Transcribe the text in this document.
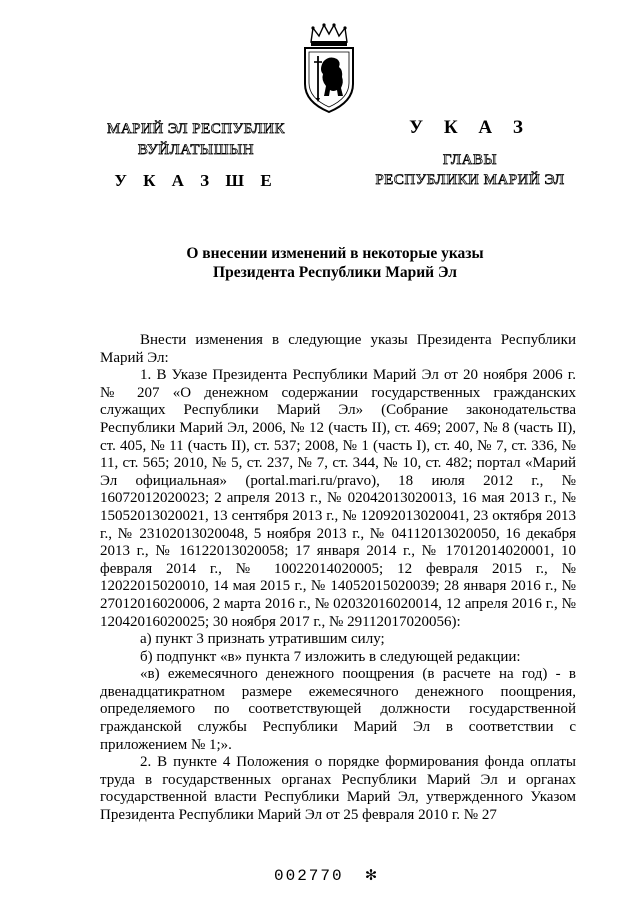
МАРИЙ ЭЛ РЕСПУБЛИК
ВУЙЛАТЫШЫН
У К А З Ш Е
У К А З
ГЛАВЫ
РЕСПУБЛИКИ МАРИЙ ЭЛ
О внесении изменений в некоторые указы
Президента Республики Марий Эл

Внести изменения в следующие указы Президента Республики Марий Эл:

1. В Указе Президента Республики Марий Эл от 20 ноября 2006 г. № 207 «О денежном содержании государственных гражданских служащих Республики Марий Эл» (Собрание законодательства Республики Марий Эл, 2006, № 12 (часть II), ст. 469; 2007, № 8 (часть II), ст. 405, № 11 (часть II), ст. 537; 2008, № 1 (часть I), ст. 40, № 7, ст. 336, № 11, ст. 565; 2010, № 5, ст. 237, № 7, ст. 344, № 10, ст. 482; портал «Марий Эл официальная» (portal.mari.ru/pravo), 18 июля 2012 г., № 16072012020023; 2 апреля 2013 г., № 02042013020013, 16 мая 2013 г., № 15052013020021, 13 сентября 2013 г., № 12092013020041, 23 октября 2013 г., № 23102013020048, 5 ноября 2013 г., № 04112013020050, 16 декабря 2013 г., № 16122013020058; 17 января 2014 г., № 17012014020001, 10 февраля 2014 г., № 10022014020005; 12 февраля 2015 г., № 12022015020010, 14 мая 2015 г., № 14052015020039; 28 января 2016 г., № 27012016020006, 2 марта 2016 г., № 02032016020014, 12 апреля 2016 г., № 12042016020025; 30 ноября 2017 г., № 29112017020056):

а) пункт 3 признать утратившим силу;

б) подпункт «в» пункта 7 изложить в следующей редакции:

«в) ежемесячного денежного поощрения (в расчете на год) - в двенадцатикратном размере ежемесячного денежного поощрения, определяемого по соответствующей должности государственной гражданской службы Республики Марий Эл в соответствии с приложением № 1;».

2. В пункте 4 Положения о порядке формирования фонда оплаты труда в государственных органах Республики Марий Эл и органах государственной власти Республики Марий Эл, утвержденного Указом Президента Республики Марий Эл от 25 февраля 2010 г. № 27

002770 ✻
